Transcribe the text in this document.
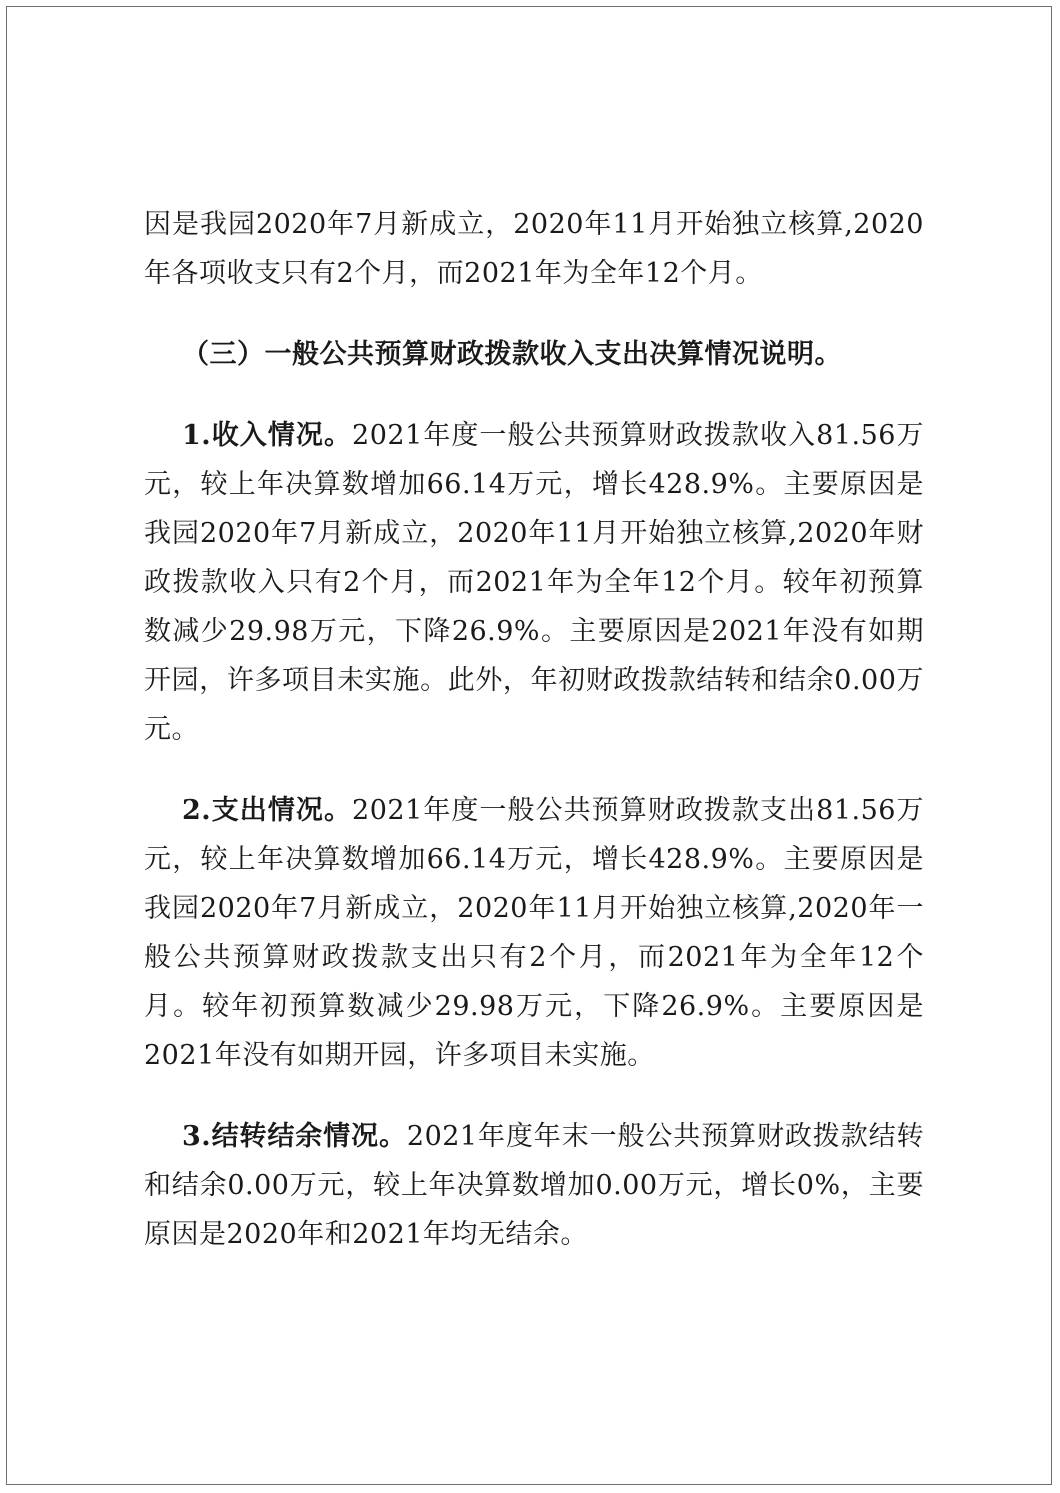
因是我园2020年7月新成立，2020年11月开始独立核算,2020年各项收支只有2个月，而2021年为全年12个月。

（三）一般公共预算财政拨款收入支出决算情况说明。

1.收入情况。2021年度一般公共预算财政拨款收入81.56万元，较上年决算数增加66.14万元，增长428.9%。主要原因是我园2020年7月新成立，2020年11月开始独立核算,2020年财政拨款收入只有2个月，而2021年为全年12个月。较年初预算数减少29.98万元，下降26.9%。主要原因是2021年没有如期开园，许多项目未实施。此外，年初财政拨款结转和结余0.00万元。

2.支出情况。2021年度一般公共预算财政拨款支出81.56万元，较上年决算数增加66.14万元，增长428.9%。主要原因是我园2020年7月新成立，2020年11月开始独立核算,2020年一般公共预算财政拨款支出只有2个月，而2021年为全年12个月。较年初预算数减少29.98万元，下降26.9%。主要原因是2021年没有如期开园，许多项目未实施。

3.结转结余情况。2021年度年末一般公共预算财政拨款结转和结余0.00万元，较上年决算数增加0.00万元，增长0%，主要原因是2020年和2021年均无结余。
